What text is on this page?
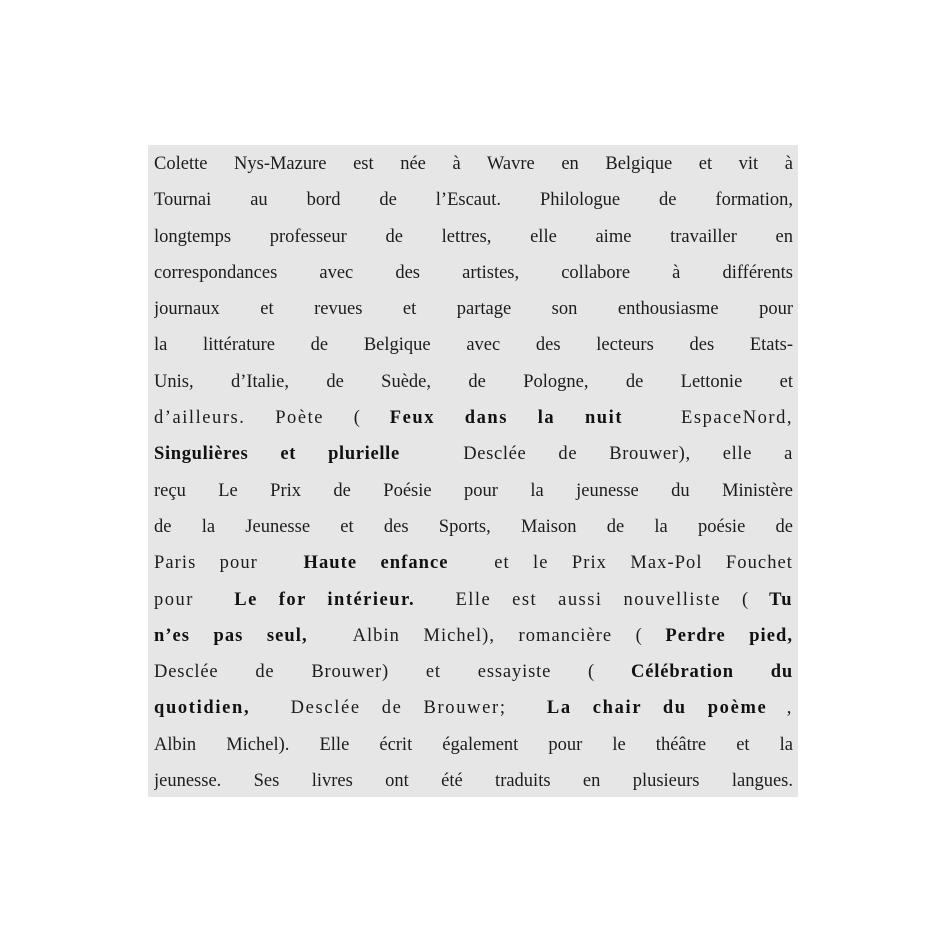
Colette Nys-Mazure est née à Wavre en Belgique et vit à
Tournai au bord de l’Escaut. Philologue de formation,
longtemps professeur de lettres, elle aime travailler en
correspondances avec des artistes, collabore à différents
journaux et revues et partage son enthousiasme pour
la littérature de Belgique avec des lecteurs des Etats-
Unis, d’Italie, de Suède, de Pologne, de Lettonie et
d’ailleurs. Poète ( Feux dans la nuit  EspaceNord,
Singulières et plurielle  Desclée de Brouwer), elle a
reçu Le Prix de Poésie pour la jeunesse du Ministère
de la Jeunesse et des Sports, Maison de la poésie de
Paris pour  Haute enfance  et le Prix Max-Pol Fouchet
pour  Le for intérieur.  Elle est aussi nouvelliste ( Tu
n’es pas seul,  Albin Michel), romancière ( Perdre pied,
Desclée de Brouwer) et essayiste ( Célébration du
quotidien,  Desclée de Brouwer;  La chair du poème ,
Albin Michel). Elle écrit également pour le théâtre et la
jeunesse. Ses livres ont été traduits en plusieurs langues.
